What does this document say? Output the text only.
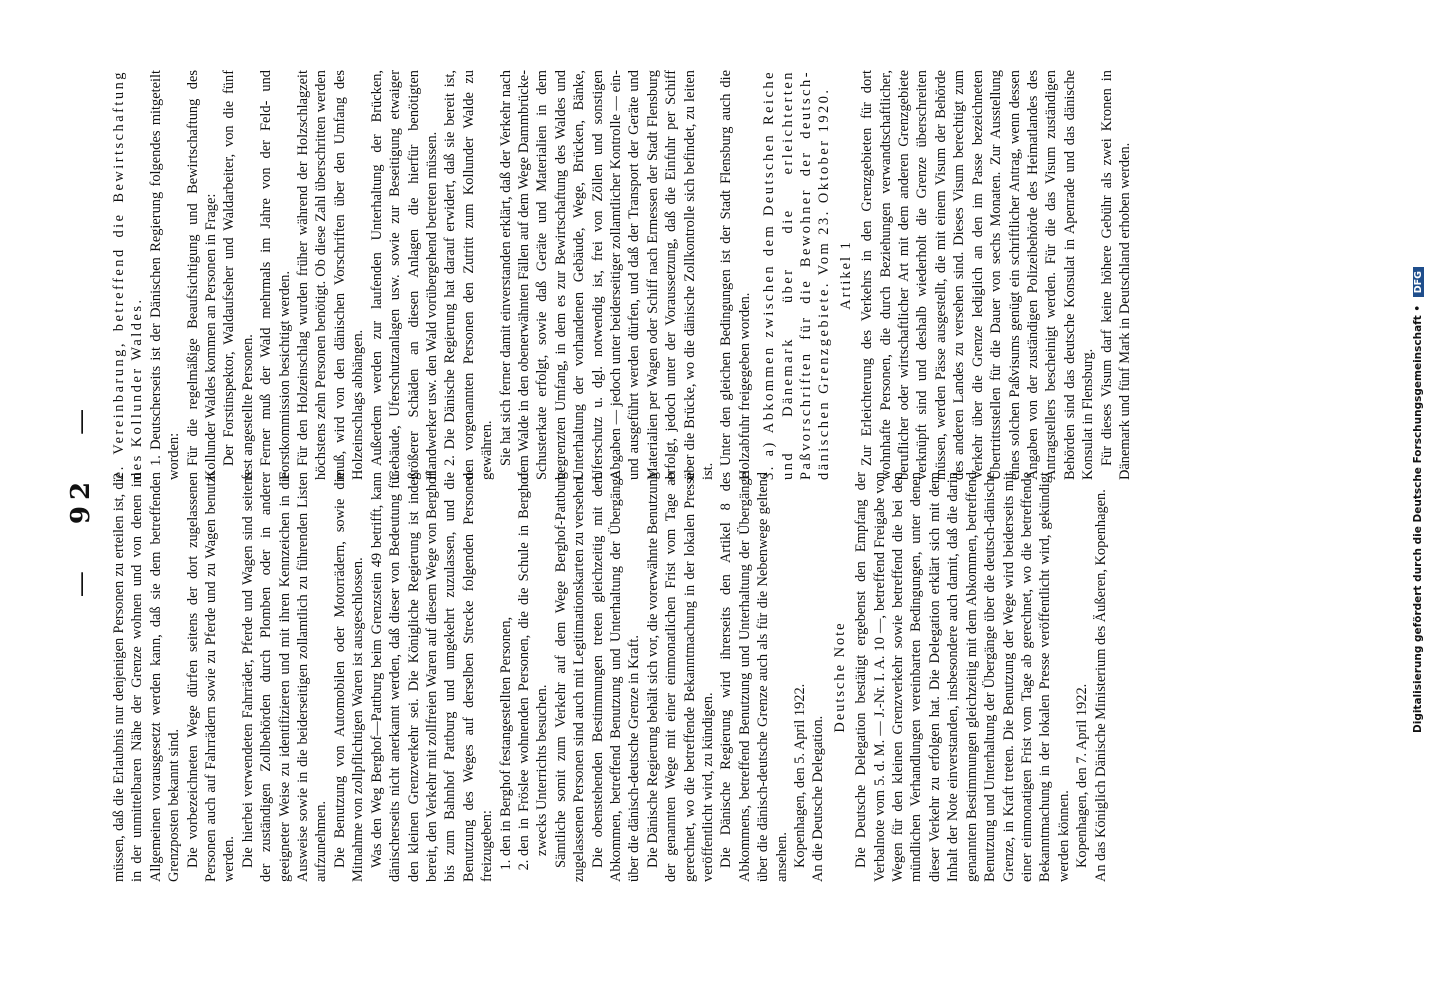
— 92 —

müssen, daß die Erlaubnis nur denjenigen Personen zu erteilen ist, die in der unmittelbaren Nähe der Grenze wohnen und von denen im Allgemeinen vorausgesetzt werden kann, daß sie dem betreffenden Grenzposten bekannt sind. Die vorbezeichneten Wege dürfen seitens der dort zugelassenen Personen auch auf Fahrrädern sowie zu Pferde und zu Wagen benutzt werden. Die hierbei verwendeten Fahrräder, Pferde und Wagen sind seitens der zuständigen Zollbehörden durch Plomben oder in anderer geeigneter Weise zu identifizieren und mit ihren Kennzeichen in die Ausweise sowie in die beiderseitigen zollamtlich zu führenden Listen aufzunehmen. Die Benutzung von Automobilen oder Motorrädern, sowie die Mitnahme von zollpflichtigen Waren ist ausgeschlossen. Was den Weg Berghof—Pattburg beim Grenzstein 49 betrifft, kann dänischerseits nicht anerkannt werden, daß dieser von Bedeutung für den kleinen Grenzverkehr sei. Die Königliche Regierung ist indeß bereit, den Verkehr mit zollfreien Waren auf diesem Wege von Berghof bis zum Bahnhof Pattburg und umgekehrt zuzulassen, und die Benutzung des Weges auf derselben Strecke folgenden Personen freizugeben: 1. den in Berghof festangestellten Personen, 2. den in Frösleе wohnenden Personen, die die Schule in Berghof zwecks Unterrichts besuchen. Sämtliche somit zum Verkehr auf dem Wege Berghof-Pattburg zugelassenen Personen sind auch mit Legitimationskarten zu versehen. Die obenstehenden Bestimmungen treten gleichzeitig mit dem Abkommen, betreffend Benutzung und Unterhaltung der Übergänge über die dänisch-deutsche Grenze in Kraft. Die Dänische Regierung behält sich vor, die vorerwähnte Benutzung der genannten Wege mit einer einmonatlichen Frist vom Tage ab gerechnet, wo die betreffende Bekanntmachung in der lokalen Presse veröffentlicht wird, zu kündigen. Die Dänische Regierung wird ihrerseits den Artikel 8 des Abkommens, betreffend Benutzung und Unterhaltung der Übergänge über die dänisch-deutsche Grenze auch als für die Nebenwege geltend ansehen. Kopenhagen, den 5. April 1922. An die Deutsche Delegation.

Deutsche Note Die Deutsche Delegation bestätigt ergebenst den Empfang der Verbalnote vom 5. d. M. — J.-Nr. I. A. 10 —, betreffend Freigabe von Wegen für den kleinen Grenzverkehr sowie betreffend die bei den mündlichen Verhandlungen vereinbarten Bedingungen, unter denen dieser Verkehr zu erfolgen hat. Die Delegation erklärt sich mit dem Inhalt der Note einverstanden, insbesondere auch damit, daß die darin genannten Bestimmungen gleichzeitig mit dem Abkommen, betreffend Benutzung und Unterhaltung der Übergänge über die deutsch-dänische Grenze, in Kraft treten. Die Benutzung der Wege wird beiderseits mit einer einmonatigen Frist vom Tage ab gerechnet, wo die betreffende Bekanntmachung in der lokalen Presse veröffentlicht wird, gekündigt werden können. Kopenhagen, den 7. April 1922. An das Königlich Dänische Ministerium des Äußeren, Kopenhagen.

2. Vereinbarung, betreffend die Bewirtschaftung des Kollunder Waldes. 1. Deutscherseits ist der Dänischen Regierung folgendes mitgeteilt worden: Für die regelmäßige Beaufsichtigung und Bewirtschaftung des Kollunder Waldes kommen an Personen in Frage: Der Forstinspektor, Waldaufseher und Waldarbeiter, von die fünf fest angestellte Personen. Ferner muß der Wald mehrmals im Jahre von der Feld- und Forstkommission besichtigt werden. Für den Holzeinschlag wurden früher während der Holzschlagzeit höchstens zehn Personen benötigt. Ob diese Zahl überschritten werden muß, wird von den dänischen Vorschriften über den Umfang des Holzeinschlags abhängen. Außerdem werden zur laufenden Unterhaltung der Brücken, Gebäude, Uferschutzanlagen usw. sowie zur Beseitigung etwaiger größerer Schäden an diesen Anlagen die hierfür benötigten Handwerker usw. den Wald vorübergehend betreten müssen. 2. Die Dänische Regierung hat darauf erwidert, daß sie bereit ist, den vorgenannten Personen den Zutritt zum Kollunder Walde zu gewähren. Sie hat sich ferner damit einverstanden erklärt, daß der Verkehr nach dem Walde in den obenerwähnten Fällen auf dem Wege Dammbrücke-Schusterkate erfolgt, sowie daß Geräte und Materialien in dem begrenzten Umfang, in dem es zur Bewirtschaftung des Waldes und Unterhaltung der vorhandenen Gebäude, Wege, Brücken, Bänke, Uferschutz u. dgl. notwendig ist, frei von Zöllen und sonstigen Abgaben — jedoch unter beiderseitiger zollamtlicher Kontrolle — ein- und ausgeführt werden dürfen, und daß der Transport der Geräte und Materialien per Wagen oder Schiff nach Ermessen der Stadt Flensburg erfolgt, jedoch unter der Voraussetzung, daß die Einfuhr per Schiff über die Brücke, wo die dänische Zollkontrolle sich befindet, zu leiten ist.

Unter den gleichen Bedingungen ist der Stadt Flensburg auch die Holzabfuhr freigegeben worden. 3. a) Abkommen zwischen dem Deutschen Reiche und Dänemark über die erleichterten Paßvorschriften für die Bewohner der deutsch-dänischen Grenzgebiete. Vom 23. Oktober 1920. Artikel 1 Zur Erleichterung des Verkehrs in den Grenzgebieten für dort wohnhafte Personen, die durch Beziehungen verwandtschaftlicher, beruflicher oder wirtschaftlicher Art mit dem anderen Grenzgebiete verknüpft sind und deshalb wiederholt die Grenze überschreiten müssen, werden Pässe ausgestellt, die mit einem Visum der Behörde des anderen Landes zu versehen sind. Dieses Visum berechtigt zum Verkehr über die Grenze lediglich an den im Passe bezeichneten Übertrittsstellen für die Dauer von sechs Monaten. Zur Ausstellung eines solchen Paßvisums genügt ein schriftlicher Antrag, wenn dessen Angaben von der zuständigen Polizeibehörde des Heimatlandes des Antragstellers bescheinigt werden. Für die das Visum zuständigen Behörden sind das deutsche Konsulat in Apenrade und das dänische Konsulat in Flensburg. Für dieses Visum darf keine höhere Gebühr als zwei Kronen in Dänemark und fünf Mark in Deutschland erhoben werden.	Digitalisierung gefördert durch die Deutsche Forschungsgemeinschaft • DFG
